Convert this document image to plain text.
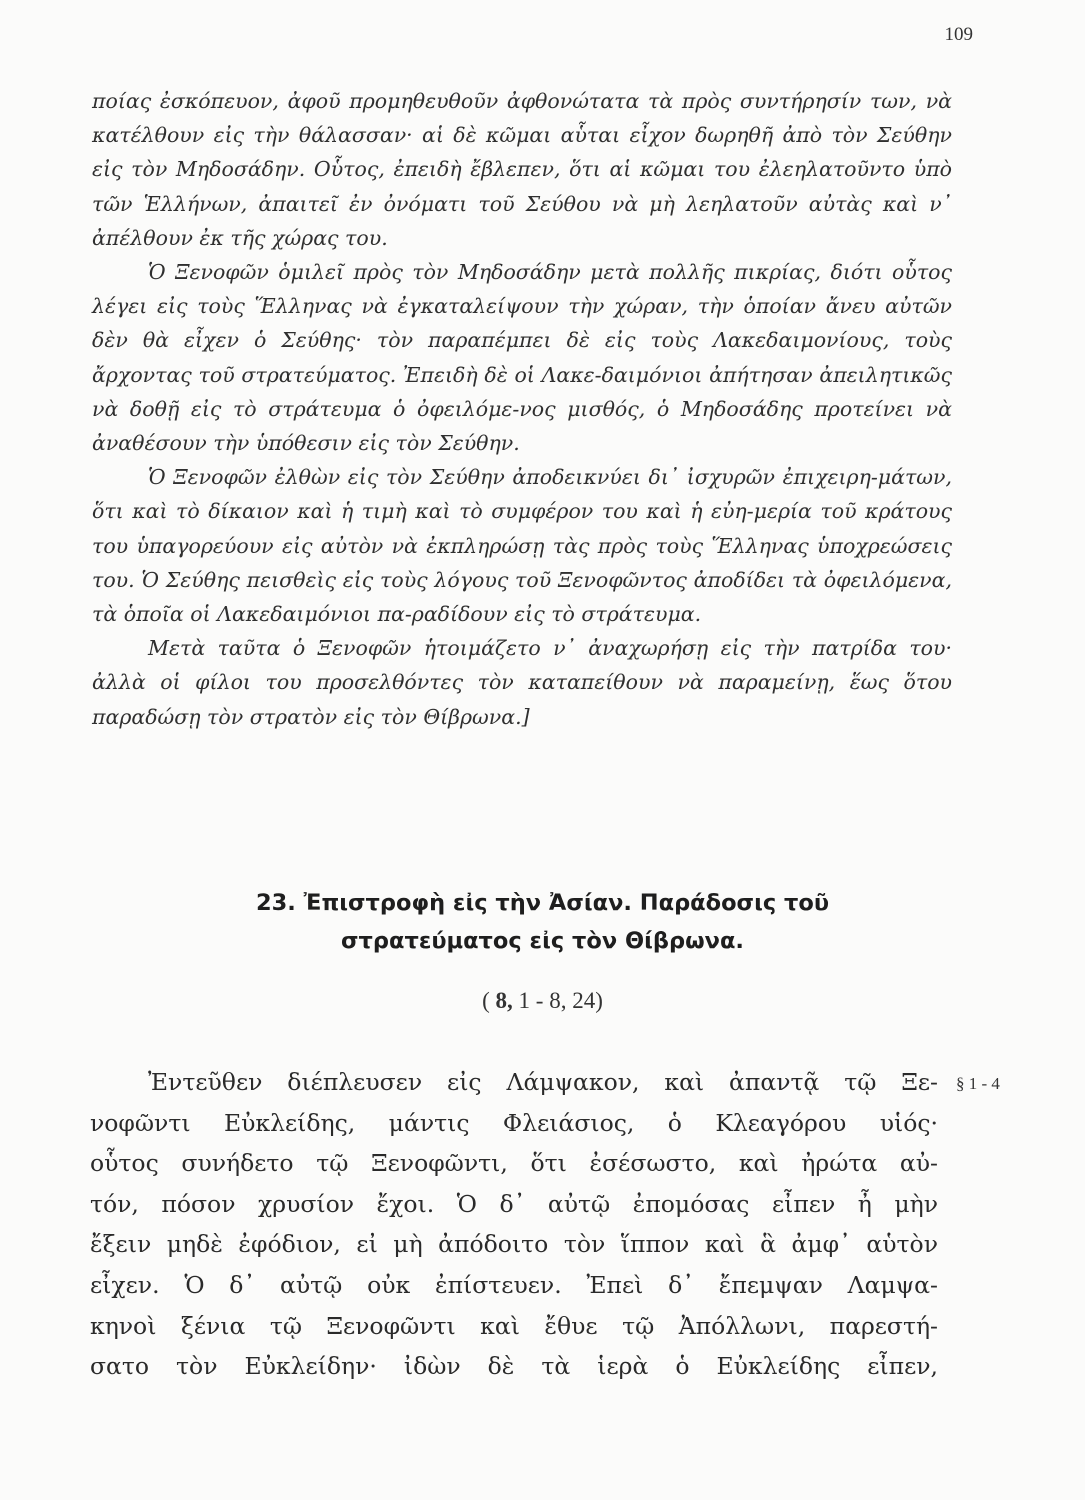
109

ποίας ἐσκόπευον, ἀφοῦ προμηθευθοῦν ἀφθονώτατα τὰ πρὸς συντήρησίν των, νὰ κατέλθουν εἰς τὴν θάλασσαν· αἱ δὲ κῶμαι αὗται εἶχον δωρηθῆ ἀπὸ τὸν Σεύθην εἰς τὸν Μηδοσάδην. Οὗτος, ἐπειδὴ ἔβλεπεν, ὅτι αἱ κῶμαι του ἐλεηλατοῦντο ὑπὸ τῶν Ἑλλήνων, ἀπαιτεῖ ἐν ὀνόματι τοῦ Σεύθου νὰ μὴ λεηλατοῦν αὐτὰς καὶ ν᾿ ἀπέλθουν ἐκ τῆς χώρας του.

Ὁ Ξενοφῶν ὁμιλεῖ πρὸς τὸν Μηδοσάδην μετὰ πολλῆς πικρίας, διότι οὗτος λέγει εἰς τοὺς Ἕλληνας νὰ ἐγκαταλείψουν τὴν χώραν, τὴν ὁποίαν ἄνευ αὐτῶν δὲν θὰ εἶχεν ὁ Σεύθης· τὸν παραπέμπει δὲ εἰς τοὺς Λακεδαιμονίους, τοὺς ἄρχοντας τοῦ στρατεύματος. Ἐπειδὴ δὲ οἱ Λακε-δαιμόνιοι ἀπήτησαν ἀπειλητικῶς νὰ δοθῇ εἰς τὸ στράτευμα ὁ ὀφειλόμε-νος μισθός, ὁ Μηδοσάδης προτείνει νὰ ἀναθέσουν τὴν ὑπόθεσιν εἰς τὸν Σεύθην.

Ὁ Ξενοφῶν ἐλθὼν εἰς τὸν Σεύθην ἀποδεικνύει δι᾿ ἰσχυρῶν ἐπιχειρη-μάτων, ὅτι καὶ τὸ δίκαιον καὶ ἡ τιμὴ καὶ τὸ συμφέρον του καὶ ἡ εὐη-μερία τοῦ κράτους του ὑπαγορεύουν εἰς αὐτὸν νὰ ἐκπληρώσῃ τὰς πρὸς τοὺς Ἕλληνας ὑποχρεώσεις του. Ὁ Σεύθης πεισθεὶς εἰς τοὺς λόγους τοῦ Ξενοφῶντος ἀποδίδει τὰ ὀφειλόμενα, τὰ ὁποῖα οἱ Λακεδαιμόνιοι πα-ραδίδουν εἰς τὸ στράτευμα.

Μετὰ ταῦτα ὁ Ξενοφῶν ἡτοιμάζετο ν᾿ ἀναχωρήσῃ εἰς τὴν πατρίδα του· ἀλλὰ οἱ φίλοι του προσελθόντες τὸν καταπείθουν νὰ παραμείνῃ, ἕως ὅτου παραδώσῃ τὸν στρατὸν εἰς τὸν Θίβρωνα.]

23. Ἐπιστροφὴ εἰς τὴν Ἀσίαν. Παράδοσις τοῦ
στρατεύματος εἰς τὸν Θίβρωνα.
( 8, 1 - 8, 24)
§ 1 - 4
Ἐντεῦθεν διέπλευσεν εἰς Λάμψακον, καὶ ἀπαντᾷ τῷ Ξε-
νοφῶντι Εὐκλείδης, μάντις Φλειάσιος, ὁ Κλεαγόρου υἱός·
οὗτος συνήδετο τῷ Ξενοφῶντι, ὅτι ἐσέσωστο, καὶ ἠρώτα αὐ-
τόν, πόσον χρυσίον ἔχοι. Ὁ δ᾿ αὐτῷ ἐπομόσας εἶπεν ἦ μὴν
ἔξειν μηδὲ ἐφόδιον, εἰ μὴ ἀπόδοιτο τὸν ἵππον καὶ ἃ ἀμφ᾿ αὑτὸν
εἶχεν. Ὁ δ᾿ αὐτῷ οὐκ ἐπίστευεν. Ἐπεὶ δ᾿ ἔπεμψαν Λαμψα-
κηνοὶ ξένια τῷ Ξενοφῶντι καὶ ἔθυε τῷ Ἀπόλλωνι, παρεστή-
σατο τὸν Εὐκλείδην· ἰδὼν δὲ τὰ ἱερὰ ὁ Εὐκλείδης εἶπεν,
